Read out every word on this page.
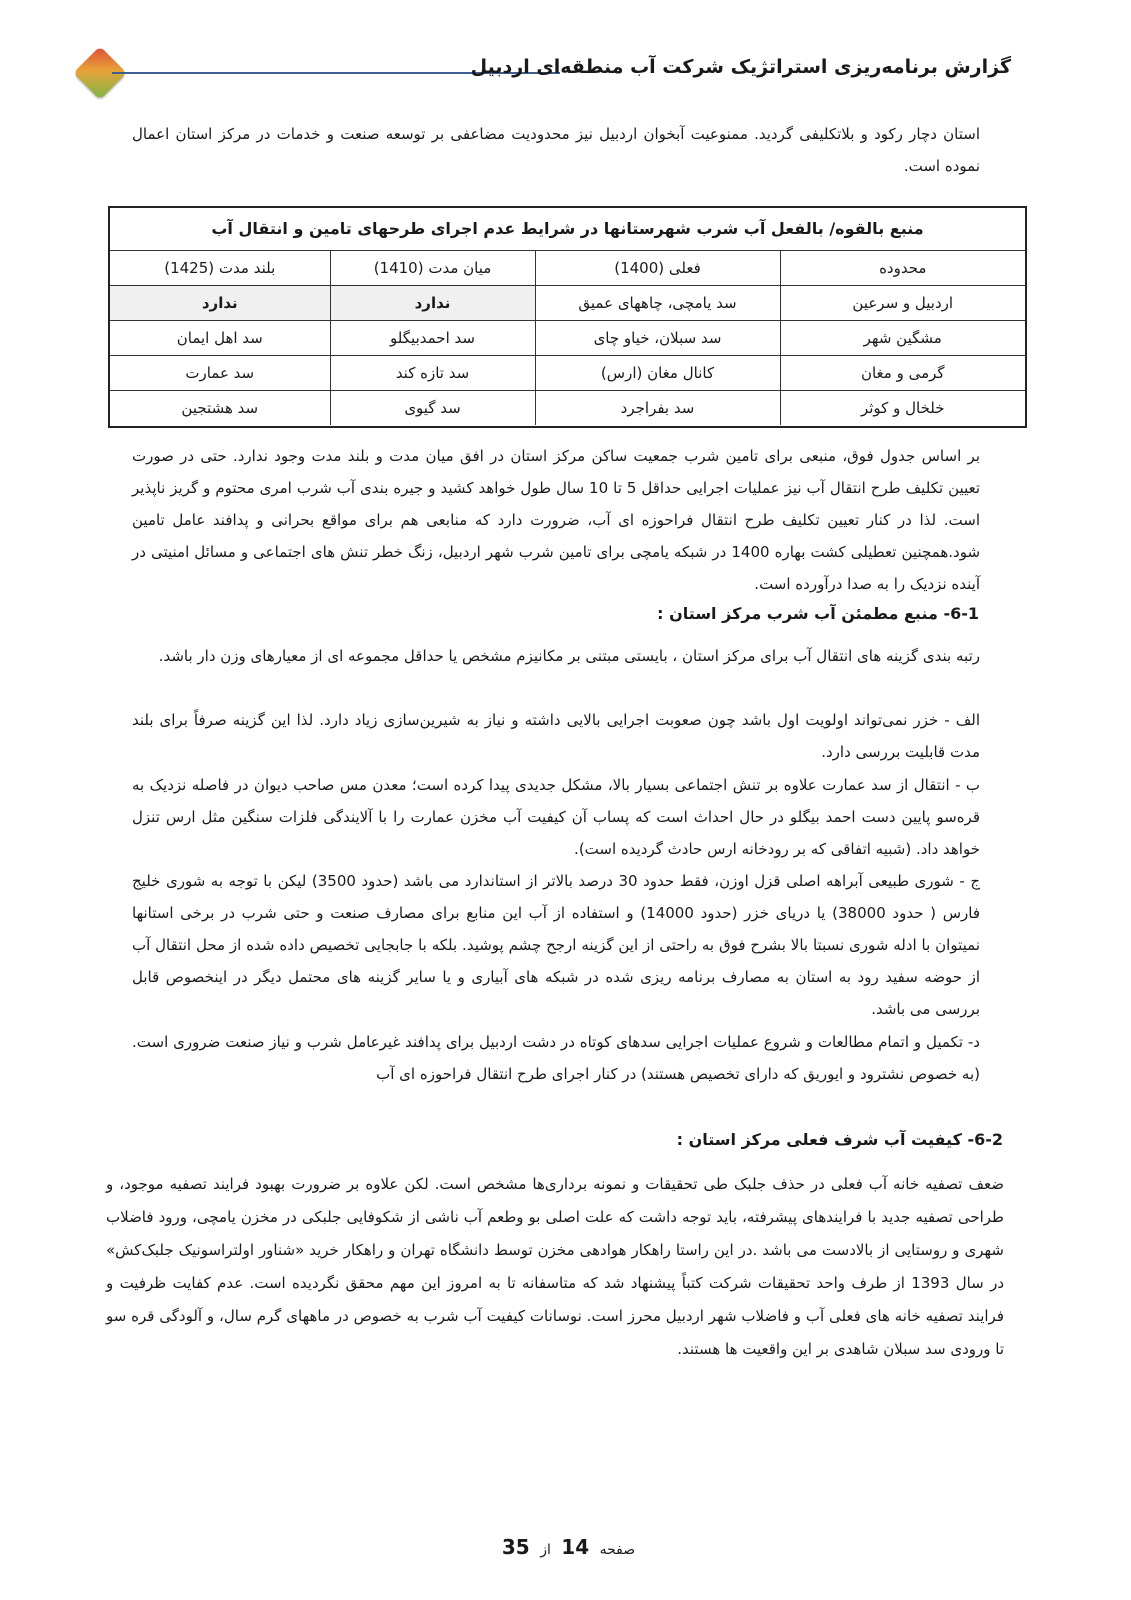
گزارش برنامه‌ریزی استراتژیک شرکت آب منطقه‌ای اردبیل

استان دچار رکود و بلاتکلیفی گردید. ممنوعیت آبخوان اردبیل نیز محدودیت مضاعفی بر توسعه صنعت و خدمات در مرکز استان اعمال نموده است.

منبع بالقوه/ بالفعل آب شرب شهرستانها در شرایط عدم اجرای طرحهای تامین و انتقال آب
محدوده	فعلی (1400)	میان مدت (1410)	بلند مدت (1425)
اردبیل و سرعین	سد یامچی، چاههای عمیق	ندارد	ندارد
مشگین شهر	سد سبلان، خیاو چای	سد احمدبیگلو	سد اهل ایمان
گرمی و مغان	کانال مغان (ارس)	سد تازه کند	سد عمارت
خلخال و کوثر	سد بفراجرد	سد گیوی	سد هشتجین

بر اساس جدول فوق، منبعی برای تامین شرب جمعیت ساکن مرکز استان در افق میان مدت و بلند مدت وجود ندارد. حتی در صورت تعیین تکلیف طرح انتقال آب نیز عملیات اجرایی حداقل 5 تا 10 سال طول خواهد کشید و جیره بندی آب شرب امری محتوم و گریز ناپذیر است. لذا در کنار تعیین تکلیف طرح انتقال فراحوزه ای آب، ضرورت دارد که منابعی هم برای مواقع بحرانی و پدافند عامل تامین شود.همچنین تعطیلی کشت بهاره 1400 در شبکه یامچی برای تامین شرب شهر اردبیل، زنگ خطر تنش های اجتماعی و مسائل امنیتی در آینده نزدیک را به صدا درآورده است.

6-1- منبع مطمئن آب شرب مرکز استان :

رتبه بندی گزینه های انتقال آب برای مرکز استان ، بایستی مبتنی بر مکانیزم مشخص یا حداقل مجموعه ای از معیارهای وزن دار باشد.

الف - خزر نمی‌تواند اولویت اول باشد چون صعوبت اجرایی بالایی داشته و نیاز به شیرین‌سازی زیاد دارد. لذا این گزینه صرفاً برای بلند مدت قابلیت بررسی دارد.

ب - انتقال از سد عمارت علاوه بر تنش اجتماعی بسیار بالا، مشکل جدیدی پیدا کرده است؛ معدن مس صاحب دیوان در فاصله نزدیک به قرەسو پایین دست احمد بیگلو در حال احداث است که پساب آن کیفیت آب مخزن عمارت را با آلایندگی فلزات سنگین مثل ارس تنزل خواهد داد. (شبیه اتفاقی که بر رودخانه ارس حادث گردیده است).

ج - شوری طبیعی آبراهه اصلی قزل اوزن، فقط حدود 30 درصد بالاتر از استاندارد می باشد (حدود 3500) لیکن با توجه به شوری خلیج فارس ( حدود 38000) یا دریای خزر (حدود 14000) و استفاده از آب این منابع برای مصارف صنعت و حتی شرب در برخی استانها نمیتوان با ادله شوری نسبتا بالا بشرح فوق به راحتی از این گزینه ارجح چشم پوشید. بلکه با جابجایی تخصیص داده شده از محل انتقال آب از حوضه سفید رود به استان به مصارف برنامه ریزی شده در شبکه های آبیاری و یا سایر گزینه های محتمل دیگر در اینخصوص قابل بررسی می باشد.

د- تکمیل و اتمام مطالعات و شروع عملیات اجرایی سدهای کوتاه در دشت اردبیل برای پدافند غیرعامل شرب و نیاز صنعت ضروری است. (به خصوص نشترود و ایوریق که دارای تخصیص هستند) در کنار اجرای طرح انتقال فراحوزه ای آب

6-2- کیفیت آب شرف فعلی مرکز استان :

ضعف تصفیه خانه آب فعلی در حذف جلبک طی تحقیقات و نمونه برداری‌ها مشخص است. لکن علاوه بر ضرورت بهبود فرایند تصفیه موجود، و طراحی تصفیه جدید با فرایندهای پیشرفته، باید توجه داشت که علت اصلی بو وطعم آب ناشی از شکوفایی جلبکی در مخزن یامچی، ورود فاضلاب شهری و روستایی از بالادست می باشد .در این راستا راهکار هوادهی مخزن توسط دانشگاه تهران و راهکار خرید «شناور اولتراسونیک جلبک‌کش» در سال 1393 از طرف واحد تحقیقات شرکت کتباً پیشنهاد شد که متاسفانه تا به امروز این مهم محقق نگردیده است. عدم کفایت ظرفیت و فرایند تصفیه خانه های فعلی آب و فاضلاب شهر اردبیل محرز است. نوسانات کیفیت آب شرب به خصوص در ماههای گرم سال، و آلودگی قره سو تا ورودی سد سبلان شاهدی بر این واقعیت ها هستند.

صفحه 14 از 35
